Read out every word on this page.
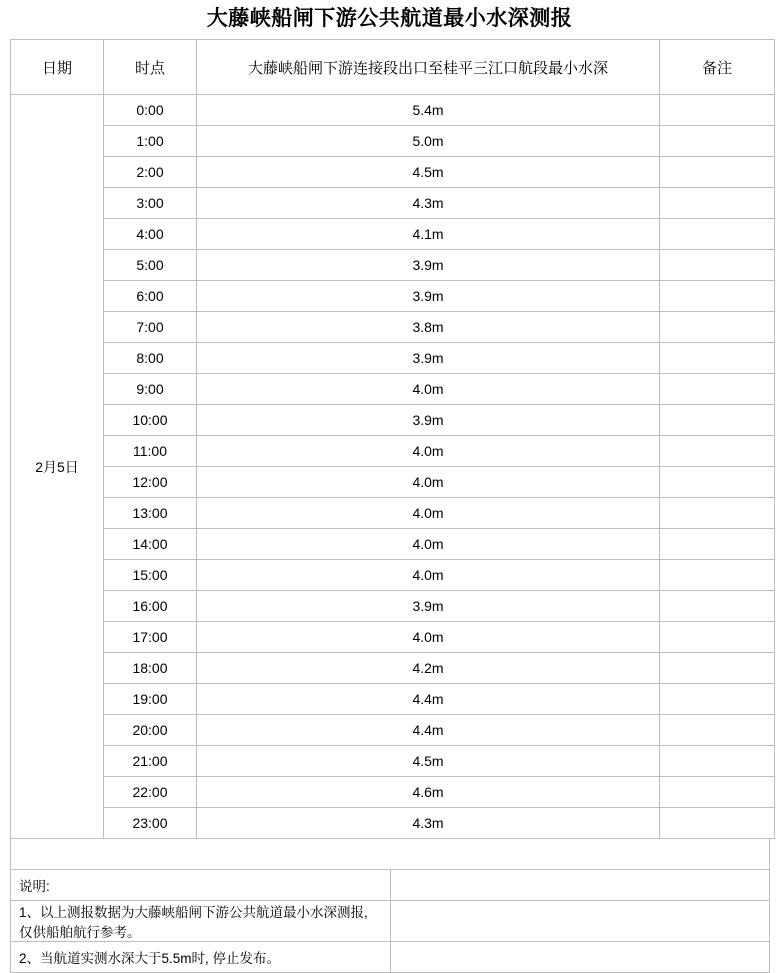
大藤峡船闸下游公共航道最小水深测报
日期	时点	大藤峡船闸下游连接段出口至桂平三江口航段最小水深	备注
2月5日	0:00	5.4m	
	1:00	5.0m	
	2:00	4.5m	
	3:00	4.3m	
	4:00	4.1m	
	5:00	3.9m	
	6:00	3.9m	
	7:00	3.8m	
	8:00	3.9m	
	9:00	4.0m	
	10:00	3.9m	
	11:00	4.0m	
	12:00	4.0m	
	13:00	4.0m	
	14:00	4.0m	
	15:00	4.0m	
	16:00	3.9m	
	17:00	4.0m	
	18:00	4.2m	
	19:00	4.4m	
	20:00	4.4m	
	21:00	4.5m	
	22:00	4.6m	
	23:00	4.3m	

说明:	
1、以上测报数据为大藤峡船闸下游公共航道最小水深测报, 仅供船舶航行参考。	
2、当航道实测水深大于5.5m时, 停止发布。	
